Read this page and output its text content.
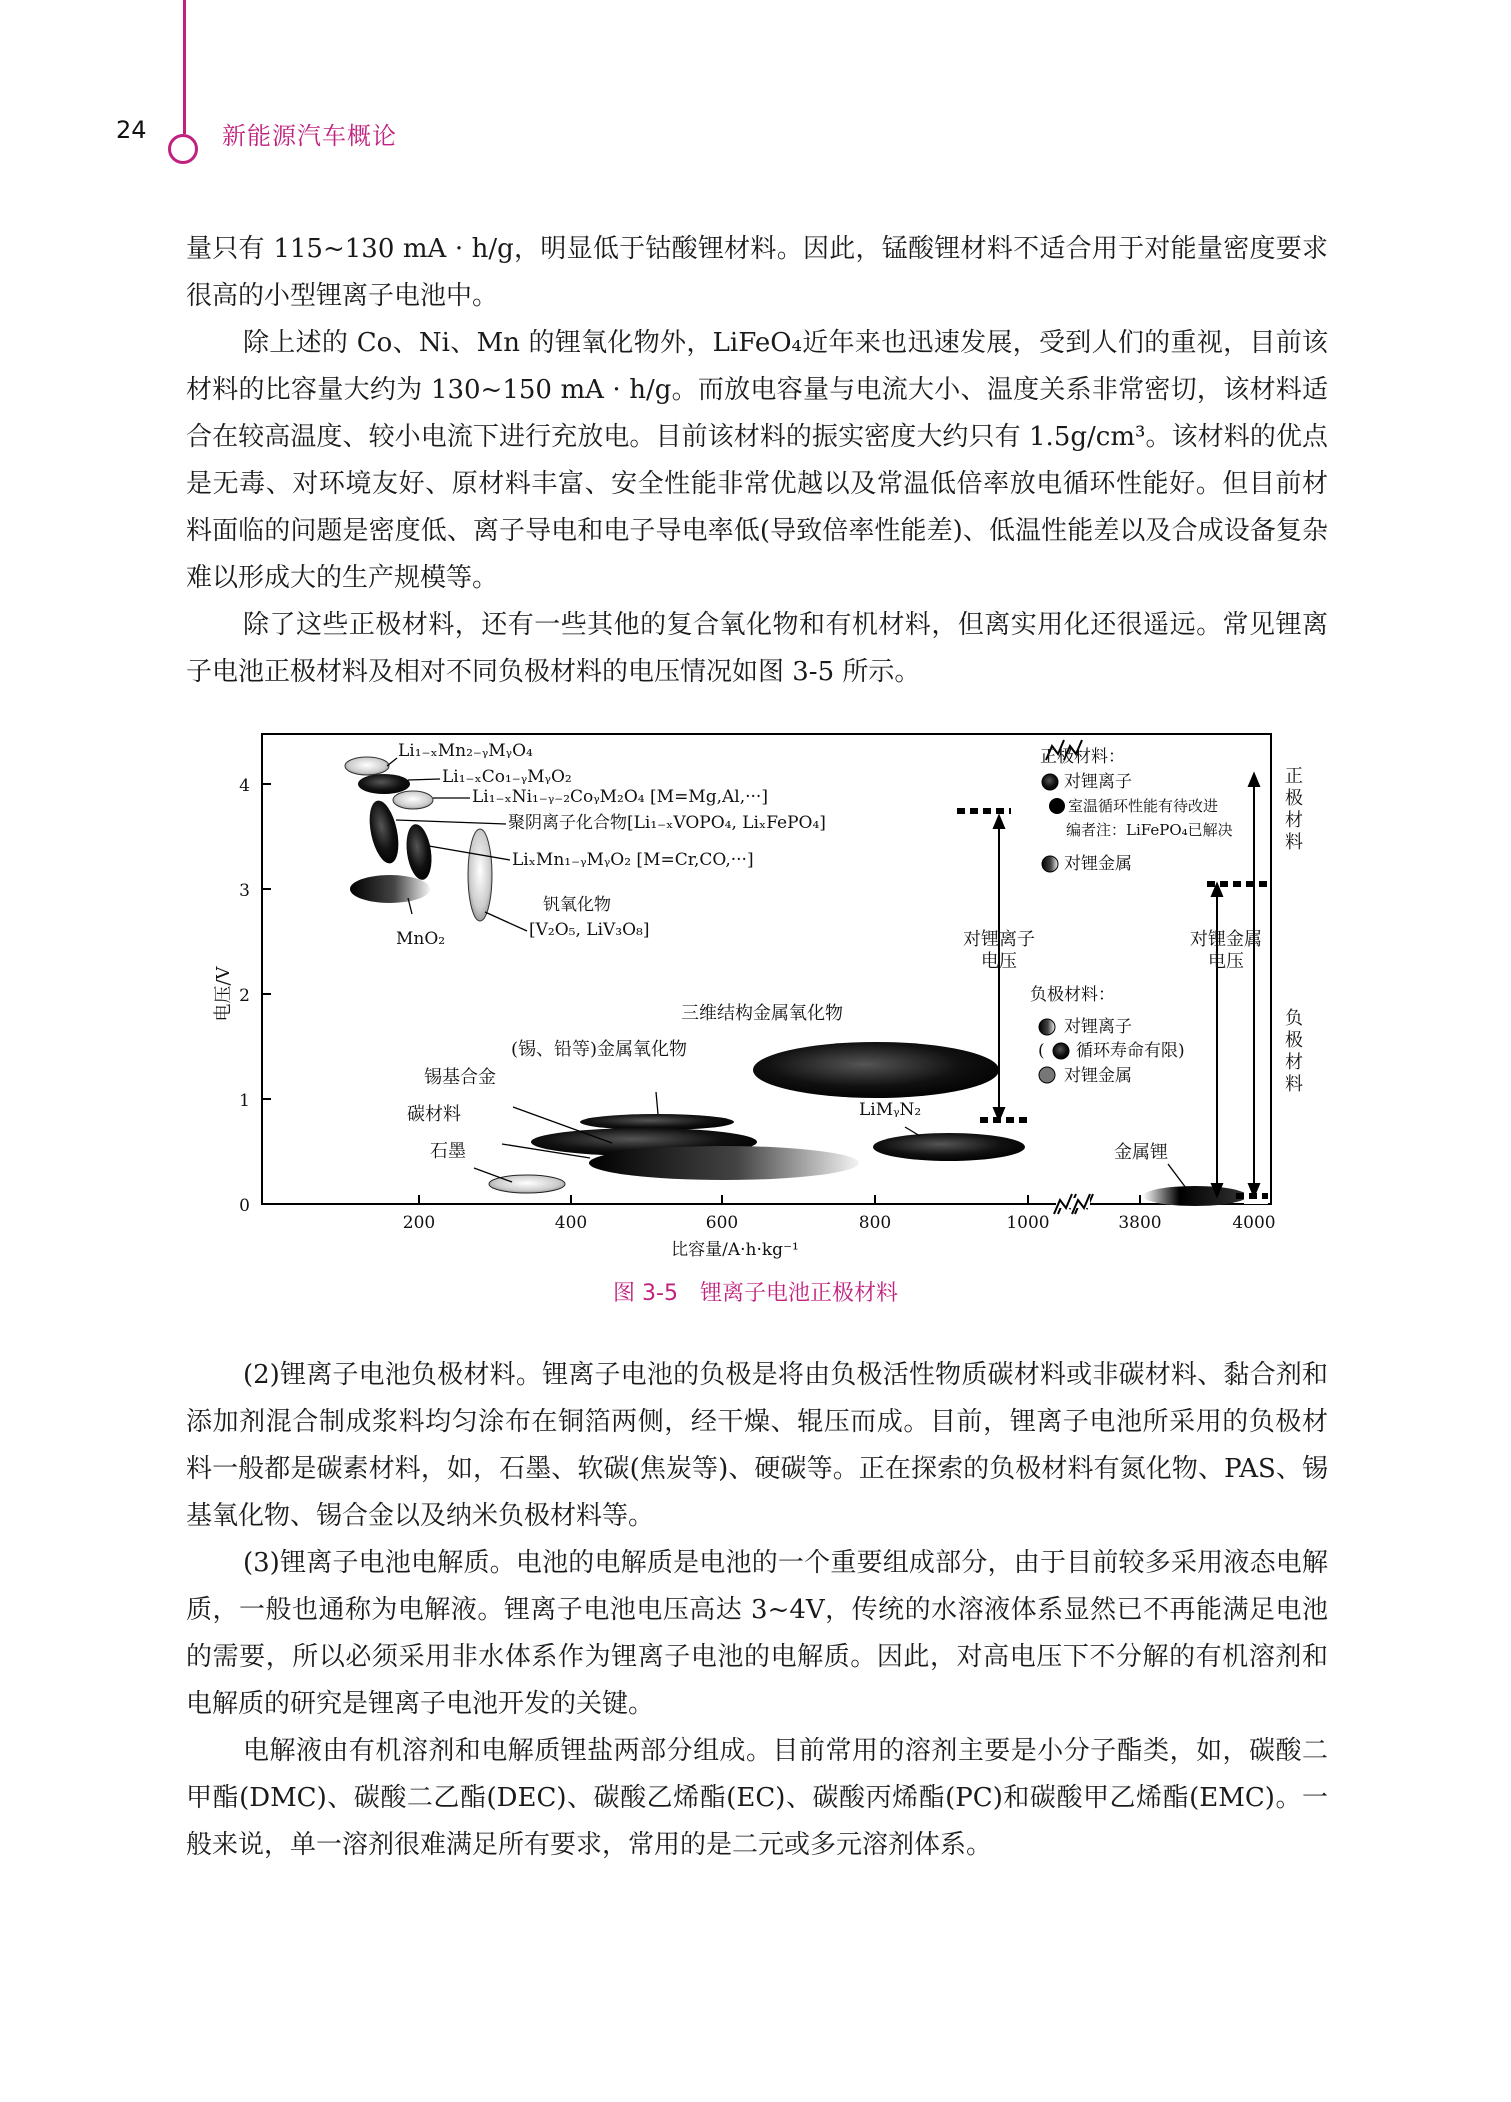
24	新能源汽车概论

量只有 115~130 mA · h/g，明显低于钴酸锂材料。因此，锰酸锂材料不适合用于对能量密度要求很高的小型锂离子电池中。

除上述的 Co、Ni、Mn 的锂氧化物外，LiFeO₄近年来也迅速发展，受到人们的重视，目前该材料的比容量大约为 130~150 mA · h/g。而放电容量与电流大小、温度关系非常密切，该材料适合在较高温度、较小电流下进行充放电。目前该材料的振实密度大约只有 1.5g/cm³。该材料的优点是无毒、对环境友好、原材料丰富、安全性能非常优越以及常温低倍率放电循环性能好。但目前材料面临的问题是密度低、离子导电和电子导电率低(导致倍率性能差)、低温性能差以及合成设备复杂难以形成大的生产规模等。

除了这些正极材料，还有一些其他的复合氧化物和有机材料，但离实用化还很遥远。常见锂离子电池正极材料及相对不同负极材料的电压情况如图 3-5 所示。

0
1
2
3
4
电压/V
200	400	600	800	1000	3800	4000
比容量/A·h·kg⁻¹
Li₁₋ₓMn₂₋ᵧMᵧO₄
Li₁₋ₓCo₁₋ᵧMᵧO₂
Li₁₋ₓNi₁₋ᵧ₋₂CoᵧM₂O₄ [M=Mg,Al,···]
聚阴离子化合物[Li₁₋ₓVOPO₄, LiₓFePO₄]
LiₓMn₁₋ᵧMᵧO₂ [M=Cr,CO,···]
钒氧化物
[V₂O₅, LiV₃O₈]
MnO₂
三维结构金属氧化物
(锡、铅等)金属氧化物
锡基合金
碳材料
石墨
LiMᵧN₂
金属锂
对锂离子
电压
对锂金属
电压
正极材料：
对锂离子
室温循环性能有待改进
编者注：LiFePO₄已解决
对锂金属
负极材料：
对锂离子
( 循环寿命有限)
对锂金属
正
极
材
料
负
极
材
料
图 3-5　锂离子电池正极材料

(2)锂离子电池负极材料。锂离子电池的负极是将由负极活性物质碳材料或非碳材料、黏合剂和添加剂混合制成浆料均匀涂布在铜箔两侧，经干燥、辊压而成。目前，锂离子电池所采用的负极材料一般都是碳素材料，如，石墨、软碳(焦炭等)、硬碳等。正在探索的负极材料有氮化物、PAS、锡基氧化物、锡合金以及纳米负极材料等。

(3)锂离子电池电解质。电池的电解质是电池的一个重要组成部分，由于目前较多采用液态电解质，一般也通称为电解液。锂离子电池电压高达 3~4V，传统的水溶液体系显然已不再能满足电池的需要，所以必须采用非水体系作为锂离子电池的电解质。因此，对高电压下不分解的有机溶剂和电解质的研究是锂离子电池开发的关键。

电解液由有机溶剂和电解质锂盐两部分组成。目前常用的溶剂主要是小分子酯类，如，碳酸二甲酯(DMC)、碳酸二乙酯(DEC)、碳酸乙烯酯(EC)、碳酸丙烯酯(PC)和碳酸甲乙烯酯(EMC)。一般来说，单一溶剂很难满足所有要求，常用的是二元或多元溶剂体系。
